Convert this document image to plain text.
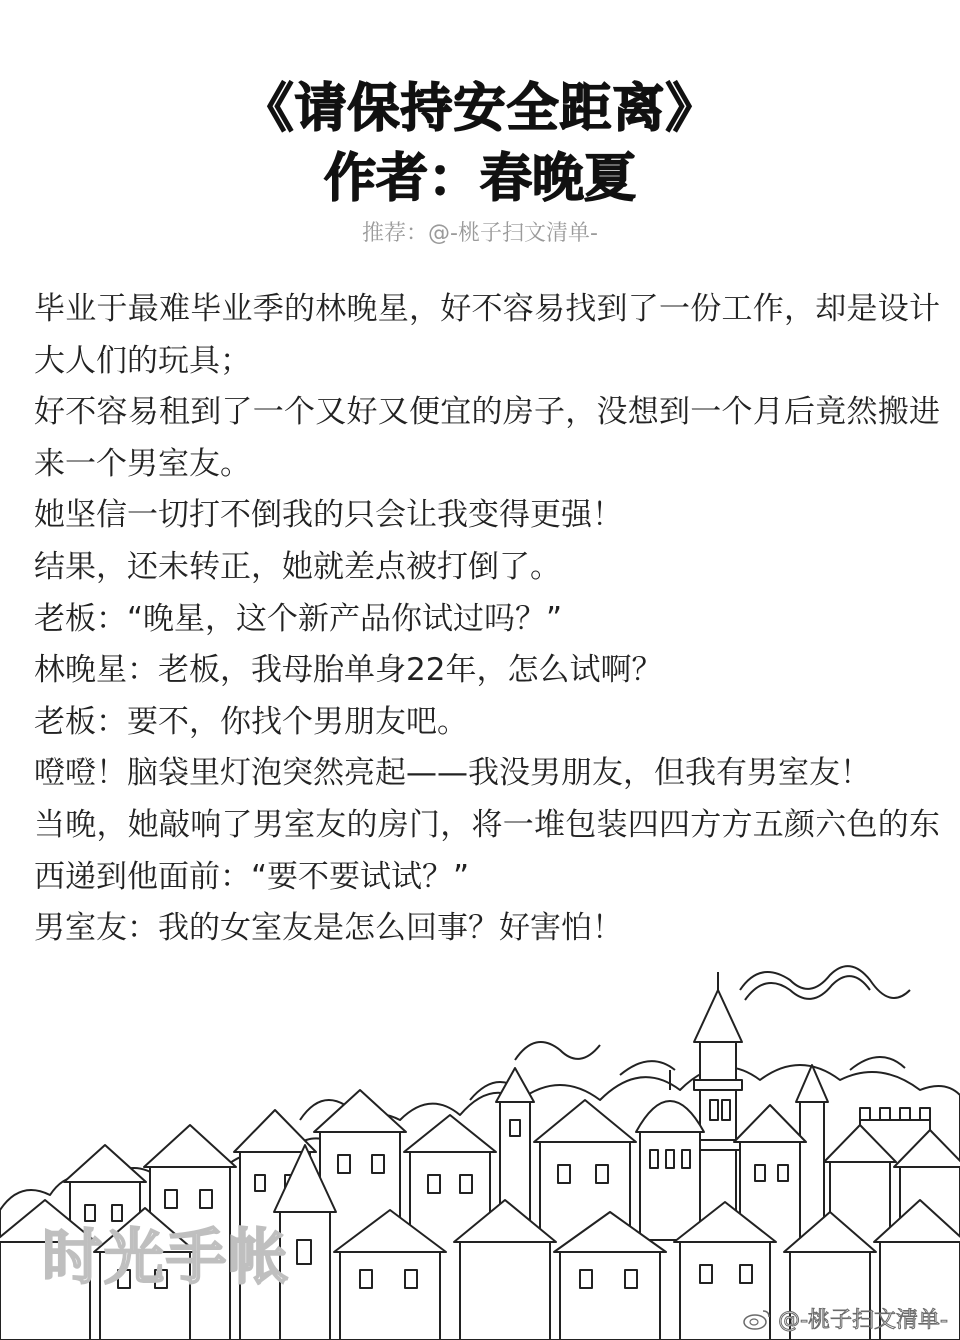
《请保持安全距离》
作者：春晚夏
推荐：@-桃子扫文清单-

毕业于最难毕业季的林晚星，好不容易找到了一份工作，却是设计大人们的玩具；

好不容易租到了一个又好又便宜的房子，没想到一个月后竟然搬进来一个男室友。

她坚信一切打不倒我的只会让我变得更强！

结果，还未转正，她就差点被打倒了。

老板：“晚星，这个新产品你试过吗？”

林晚星：老板，我母胎单身22年，怎么试啊？

老板：要不，你找个男朋友吧。

噔噔！脑袋里灯泡突然亮起——我没男朋友，但我有男室友！

当晚，她敲响了男室友的房门，将一堆包装四四方方五颜六色的东西递到他面前：“要不要试试？”

男室友：我的女室友是怎么回事？好害怕！

时光手帐
@-桃子扫文清单-
